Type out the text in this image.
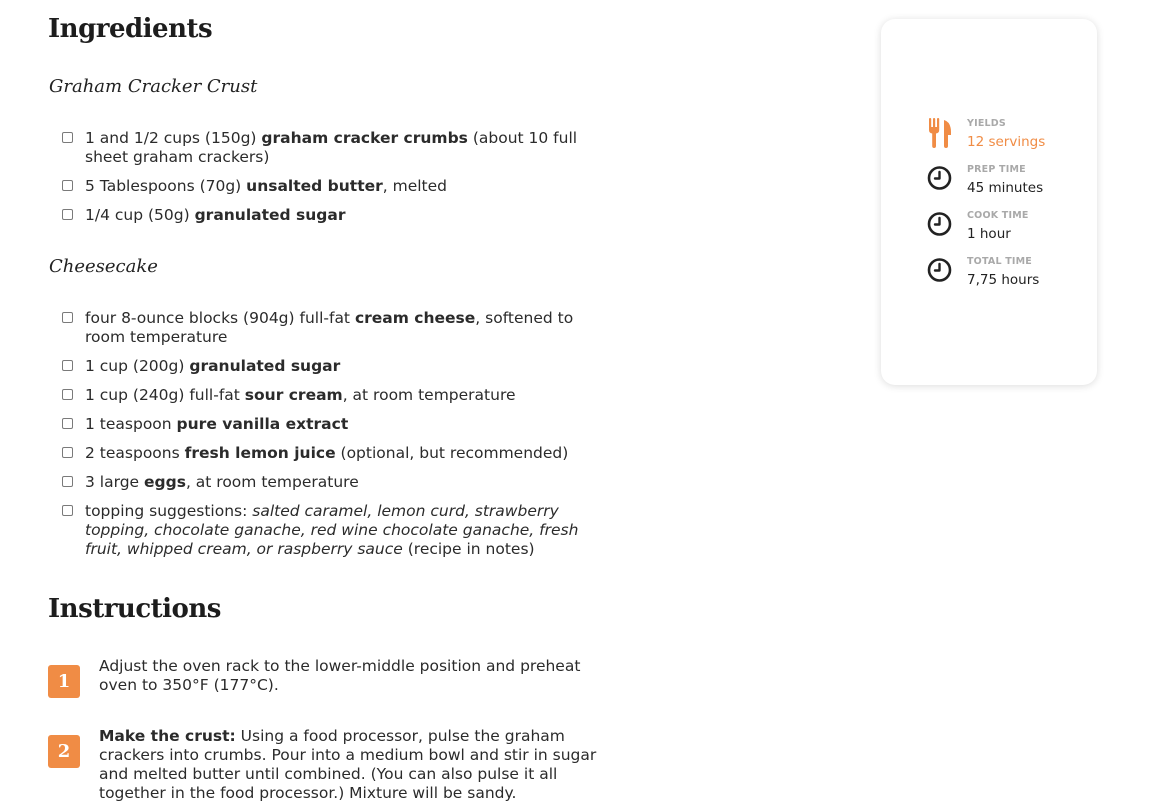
Ingredients
Graham Cracker Crust
1 and 1/2 cups (150g) graham cracker crumbs (about 10 full sheet graham crackers)
5 Tablespoons (70g) unsalted butter, melted
1/4 cup (50g) granulated sugar
Cheesecake
four 8-ounce blocks (904g) full-fat cream cheese, softened to room temperature
1 cup (200g) granulated sugar
1 cup (240g) full-fat sour cream, at room temperature
1 teaspoon pure vanilla extract
2 teaspoons fresh lemon juice (optional, but recommended)
3 large eggs, at room temperature
topping suggestions: salted caramel, lemon curd, strawberry topping, chocolate ganache, red wine chocolate ganache, fresh fruit, whipped cream, or raspberry sauce (recipe in notes)
Instructions
1
Adjust the oven rack to the lower-middle position and preheat oven to 350°F (177°C).
2
Make the crust: Using a food processor, pulse the graham crackers into crumbs. Pour into a medium bowl and stir in sugar and melted butter until combined. (You can also pulse it all together in the food processor.) Mixture will be sandy.
YIELDS
12 servings
PREP TIME
45 minutes
COOK TIME
1 hour
TOTAL TIME
7,75 hours
